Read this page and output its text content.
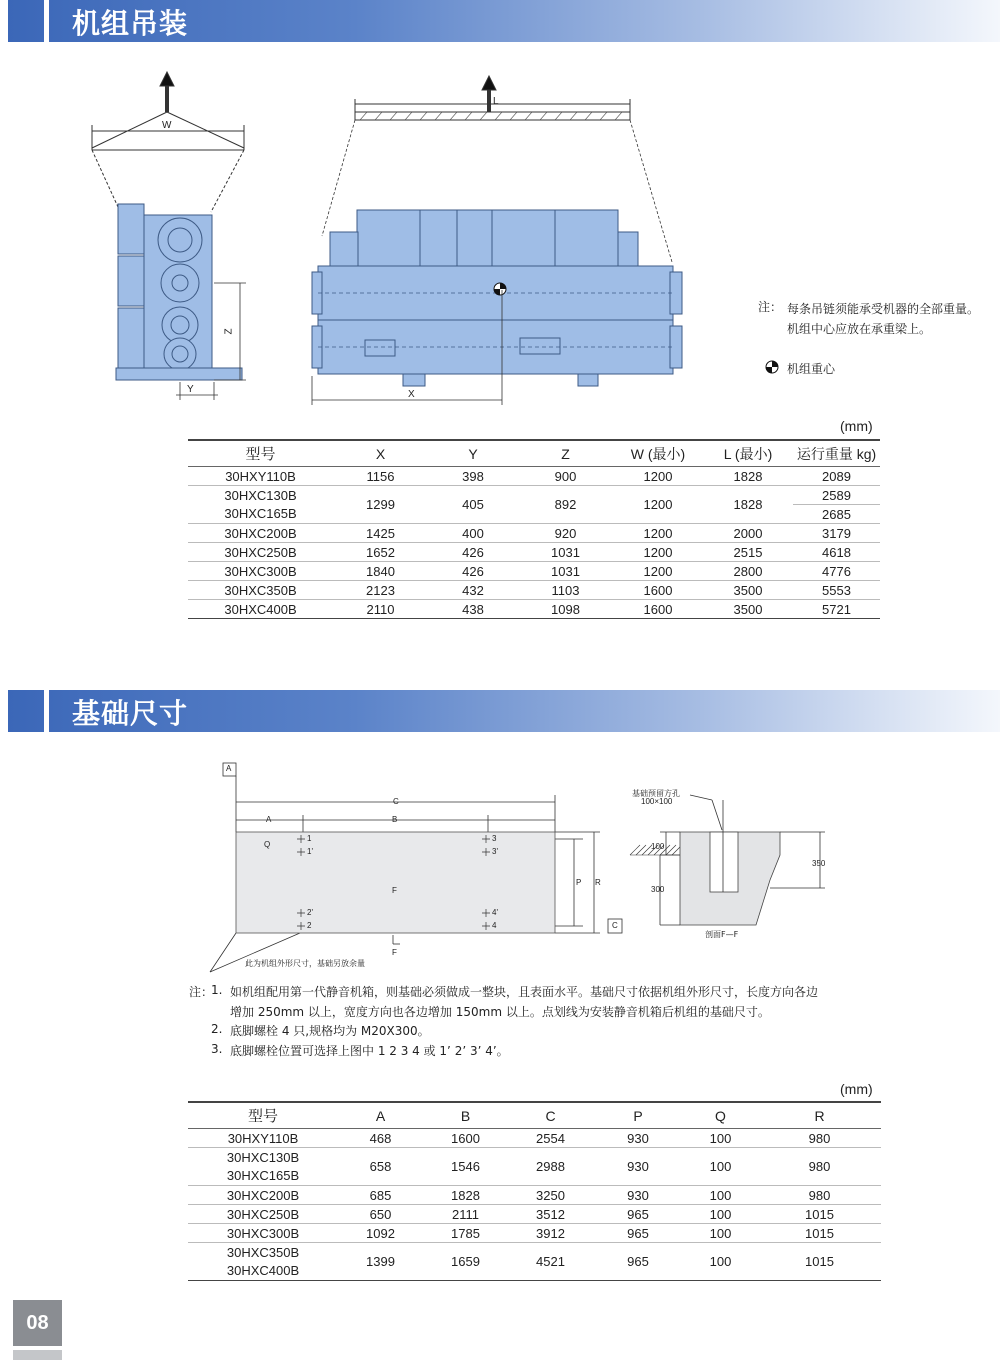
机组吊装
W
Z
Y
L
X
注： 每条吊链须能承受机器的全部重量。
机组中心应放在承重梁上。
机组重心
(mm)
型号	X	Y	Z	W (最小)	L (最小)	运行重量 kg)
30HXY110B	1156	398	900	1200	1828	2089
30HXC130B	1299	405	892	1200	1828	2589
30HXC165B						2685
30HXC200B	1425	400	920	1200	2000	3179
30HXC250B	1652	426	1031	1200	2515	4618
30HXC300B	1840	426	1031	1200	2800	4776
30HXC350B	2123	432	1103	1600	3500	5553
30HXC400B	2110	438	1098	1600	3500	5721
基础尺寸
A
C
C
A	B
Q
P R
F
F
1
1'
2'
2
3
3'
4'
4
此为机组外形尺寸，基础另放余量
基础预留方孔
100×100
100
300
350
剖面F—F
注：
1. 如机组配用第一代静音机箱，则基础必须做成一整块，且表面水平。基础尺寸依据机组外形尺寸，长度方向各边
增加 250mm 以上，宽度方向也各边增加 150mm 以上。点划线为安装静音机箱后机组的基础尺寸。
2. 底脚螺栓 4 只,规格均为 M20X300。
3. 底脚螺栓位置可选择上图中 1 2 3 4 或 1’ 2’ 3’ 4’。
(mm)
型号	A	B	C	P	Q	R
30HXY110B	468	1600	2554	930	100	980
30HXC130B	658	1546	2988	930	100	980
30HXC165B						
30HXC200B	685	1828	3250	930	100	980
30HXC250B	650	2111	3512	965	100	1015
30HXC300B	1092	1785	3912	965	100	1015
30HXC350B	1399	1659	4521	965	100	1015
30HXC400B						
08
